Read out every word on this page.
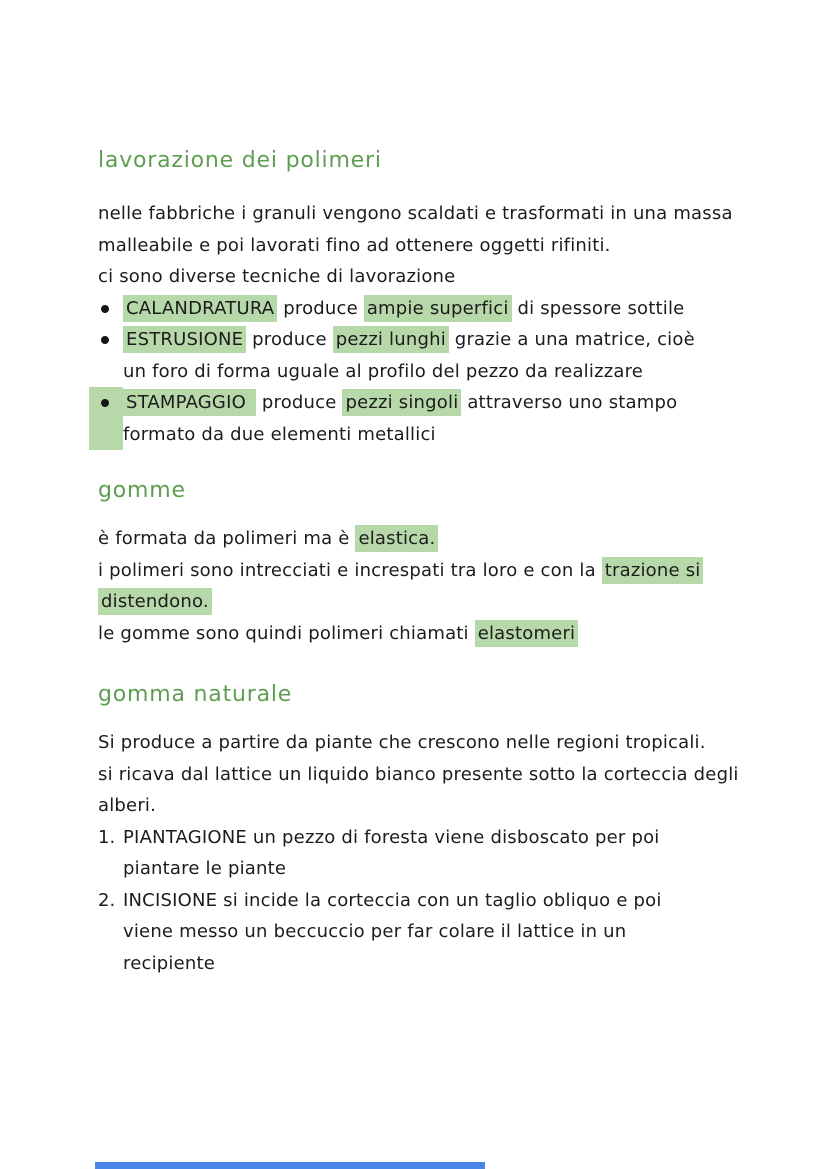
lavorazione dei polimeri
nelle fabbriche i granuli vengono scaldati e trasformati in una massa
malleabile e poi lavorati fino ad ottenere oggetti rifiniti.
ci sono diverse tecniche di lavorazione
CALANDRATURA produce ampie superfici di spessore sottile
ESTRUSIONE produce pezzi lunghi grazie a una matrice, cioè
un foro di forma uguale al profilo del pezzo da realizzare
STAMPAGGIO produce pezzi singoli attraverso uno stampo
formato da due elementi metallici
gomme
è formata da polimeri ma è elastica.
i polimeri sono intrecciati e increspati tra loro e con la trazione si
distendono.
le gomme sono quindi polimeri chiamati elastomeri
gomma naturale
Si produce a partire da piante che crescono nelle regioni tropicali.
si ricava dal lattice un liquido bianco presente sotto la corteccia degli
alberi.
1. PIANTAGIONE un pezzo di foresta viene disboscato per poi
piantare le piante
2. INCISIONE si incide la corteccia con un taglio obliquo e poi
viene messo un beccuccio per far colare il lattice in un
recipiente
